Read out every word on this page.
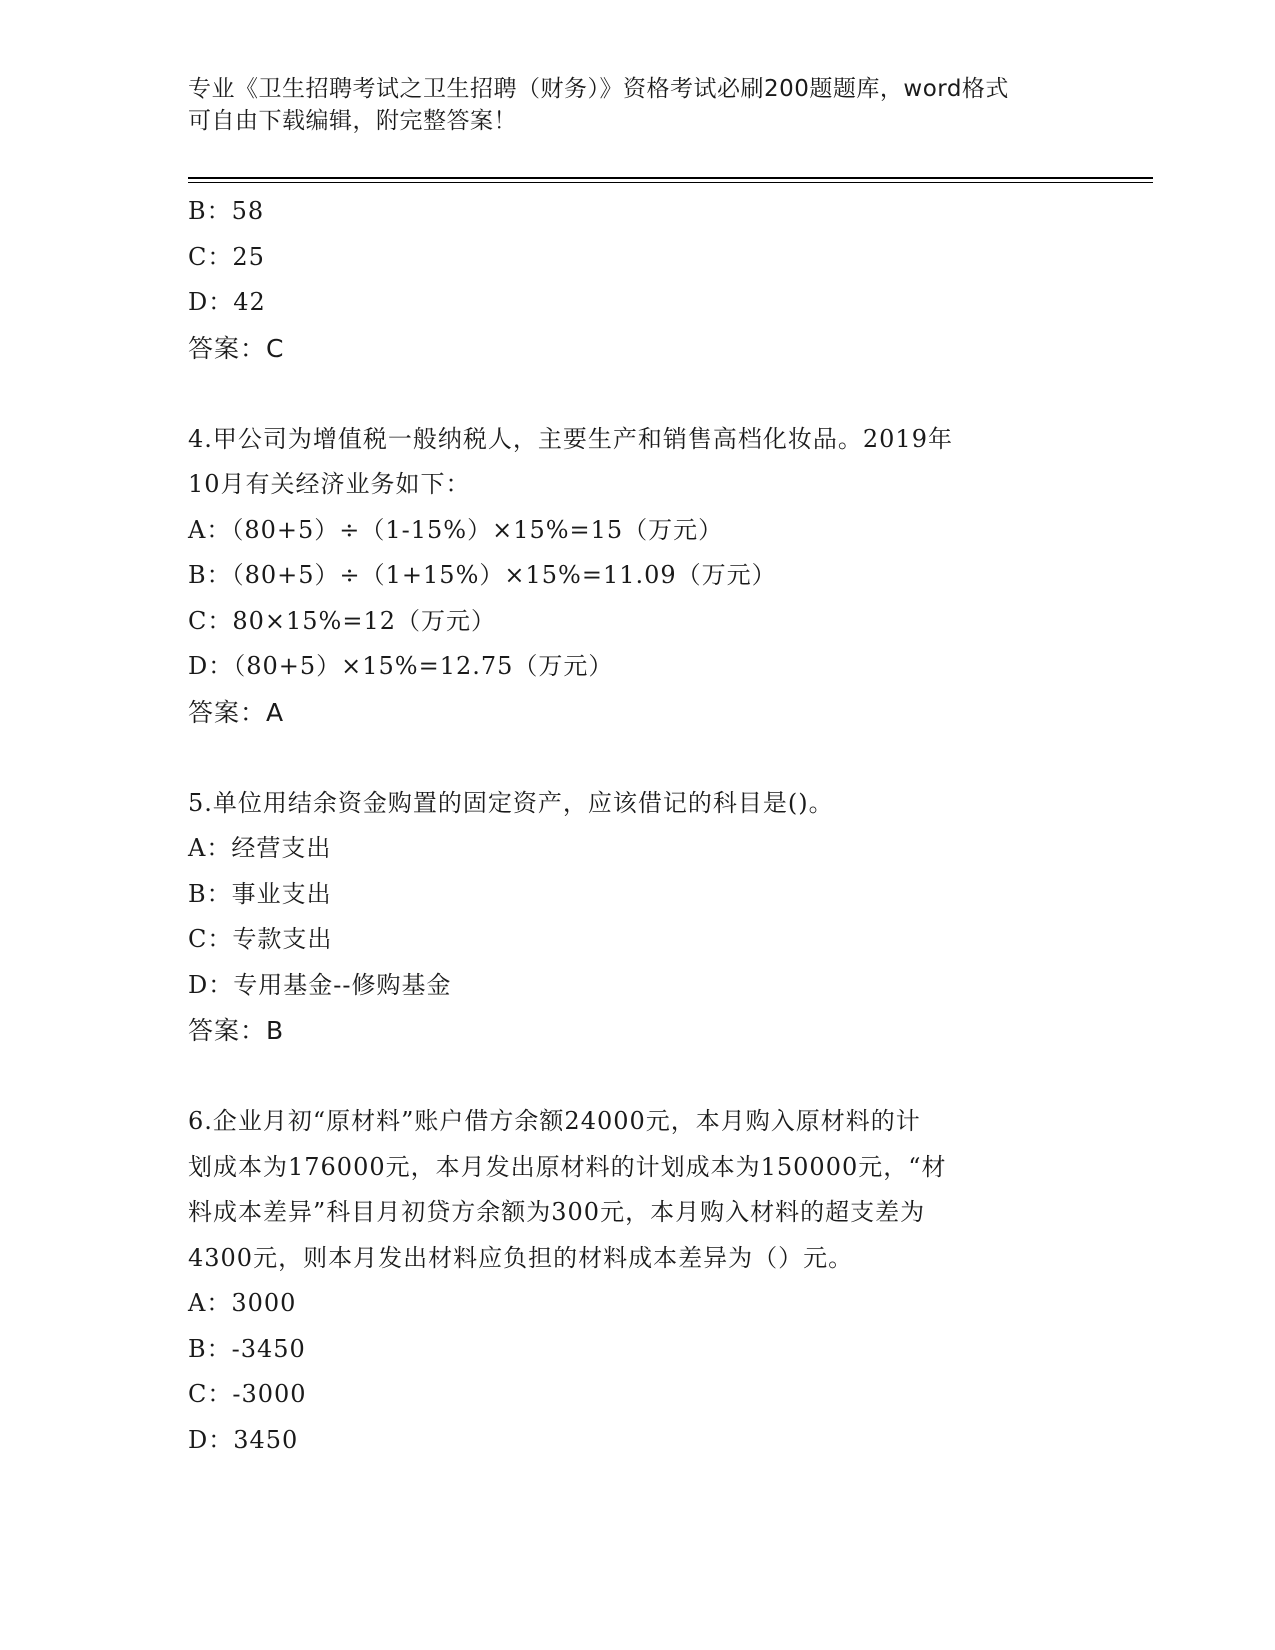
专业《卫生招聘考试之卫生招聘（财务）》资格考试必刷200题题库，word格式
可自由下载编辑，附完整答案！
B：58
C：25
D：42
答案：C
4.甲公司为增值税一般纳税人，主要生产和销售高档化妆品。2019年
10月有关经济业务如下：
A：（80+5）÷（1-15%）×15%=15（万元）
B：（80+5）÷（1+15%）×15%=11.09（万元）
C：80×15%=12（万元）
D：（80+5）×15%=12.75（万元）
答案：A
5.单位用结余资金购置的固定资产，应该借记的科目是()。
A：经营支出
B：事业支出
C：专款支出
D：专用基金--修购基金
答案：B
6.企业月初“原材料”账户借方余额24000元，本月购入原材料的计
划成本为176000元，本月发出原材料的计划成本为150000元，“材
料成本差异”科目月初贷方余额为300元，本月购入材料的超支差为
4300元，则本月发出材料应负担的材料成本差异为（）元。
A：3000
B：-3450
C：-3000
D：3450
